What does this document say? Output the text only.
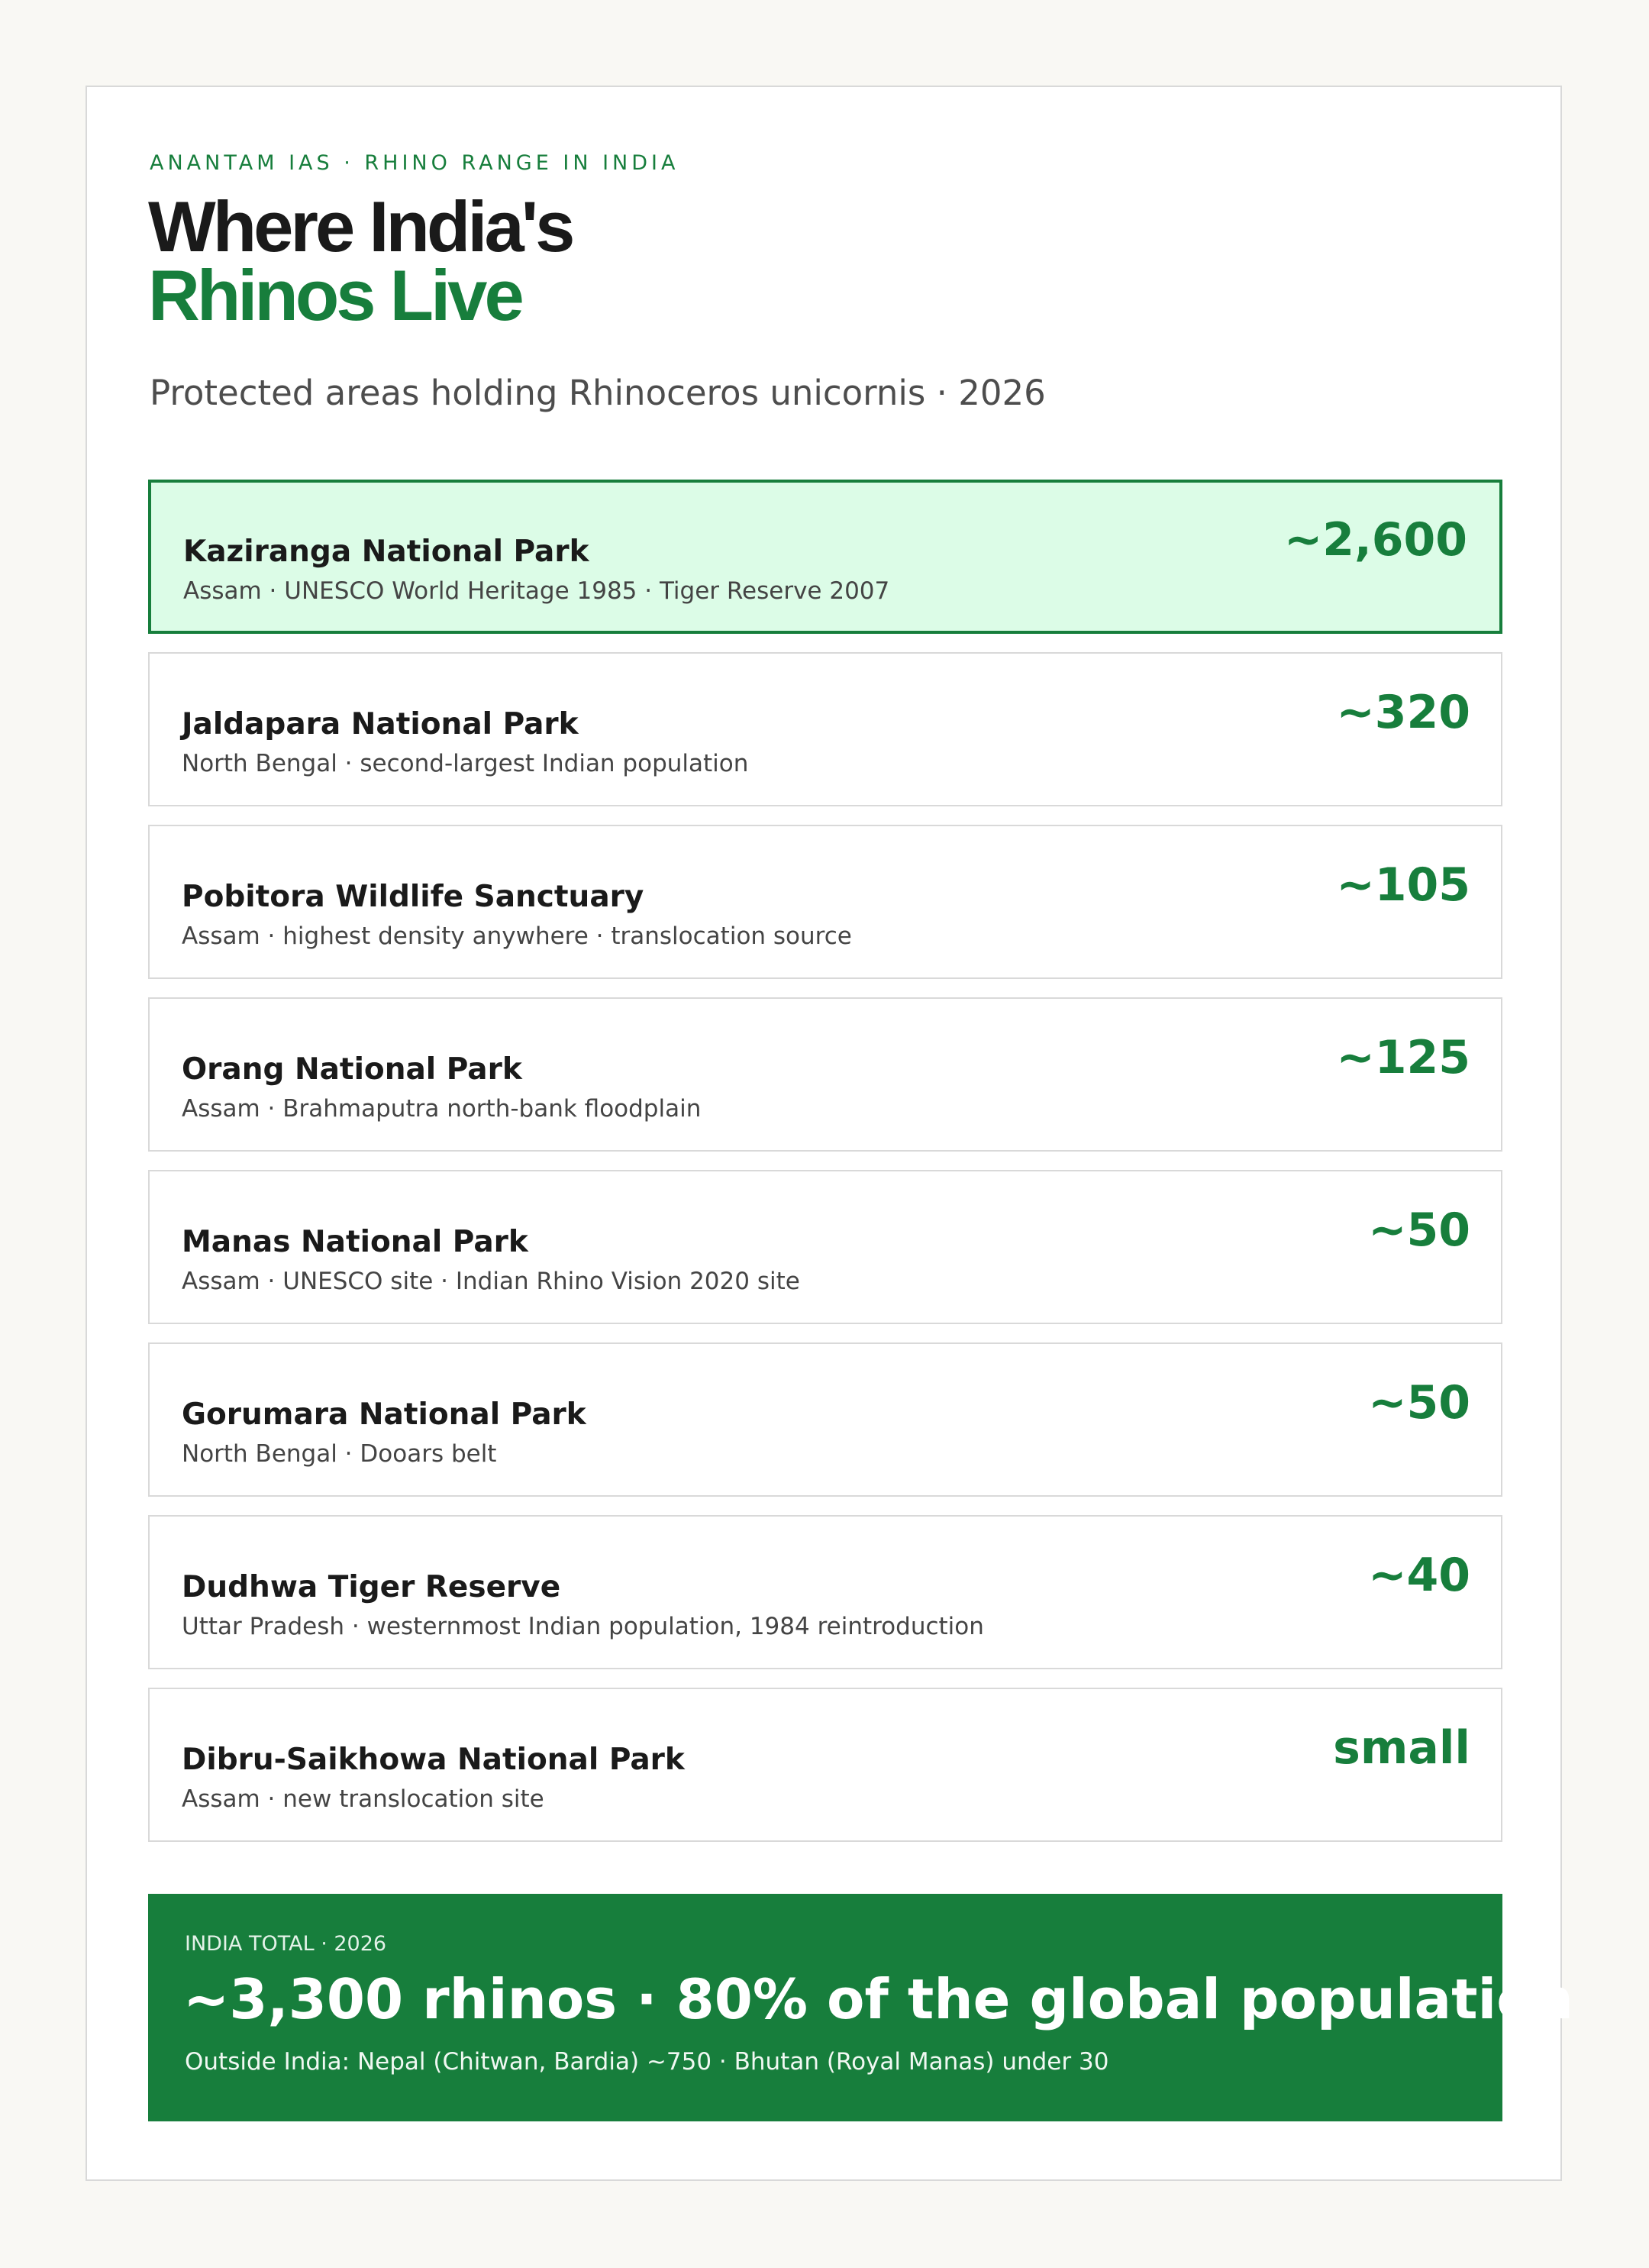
ANANTAM IAS · RHINO RANGE IN INDIA
Where India's
Rhinos Live
Protected areas holding Rhinoceros unicornis · 2026
Kaziranga National Park
Assam · UNESCO World Heritage 1985 · Tiger Reserve 2007
~2,600
Jaldapara National Park
North Bengal · second-largest Indian population
~320
Pobitora Wildlife Sanctuary
Assam · highest density anywhere · translocation source
~105
Orang National Park
Assam · Brahmaputra north-bank floodplain
~125
Manas National Park
Assam · UNESCO site · Indian Rhino Vision 2020 site
~50
Gorumara National Park
North Bengal · Dooars belt
~50
Dudhwa Tiger Reserve
Uttar Pradesh · westernmost Indian population, 1984 reintroduction
~40
Dibru-Saikhowa National Park
Assam · new translocation site
small
INDIA TOTAL · 2026
~3,300 rhinos · 80% of the global population
Outside India: Nepal (Chitwan, Bardia) ~750 · Bhutan (Royal Manas) under 30
